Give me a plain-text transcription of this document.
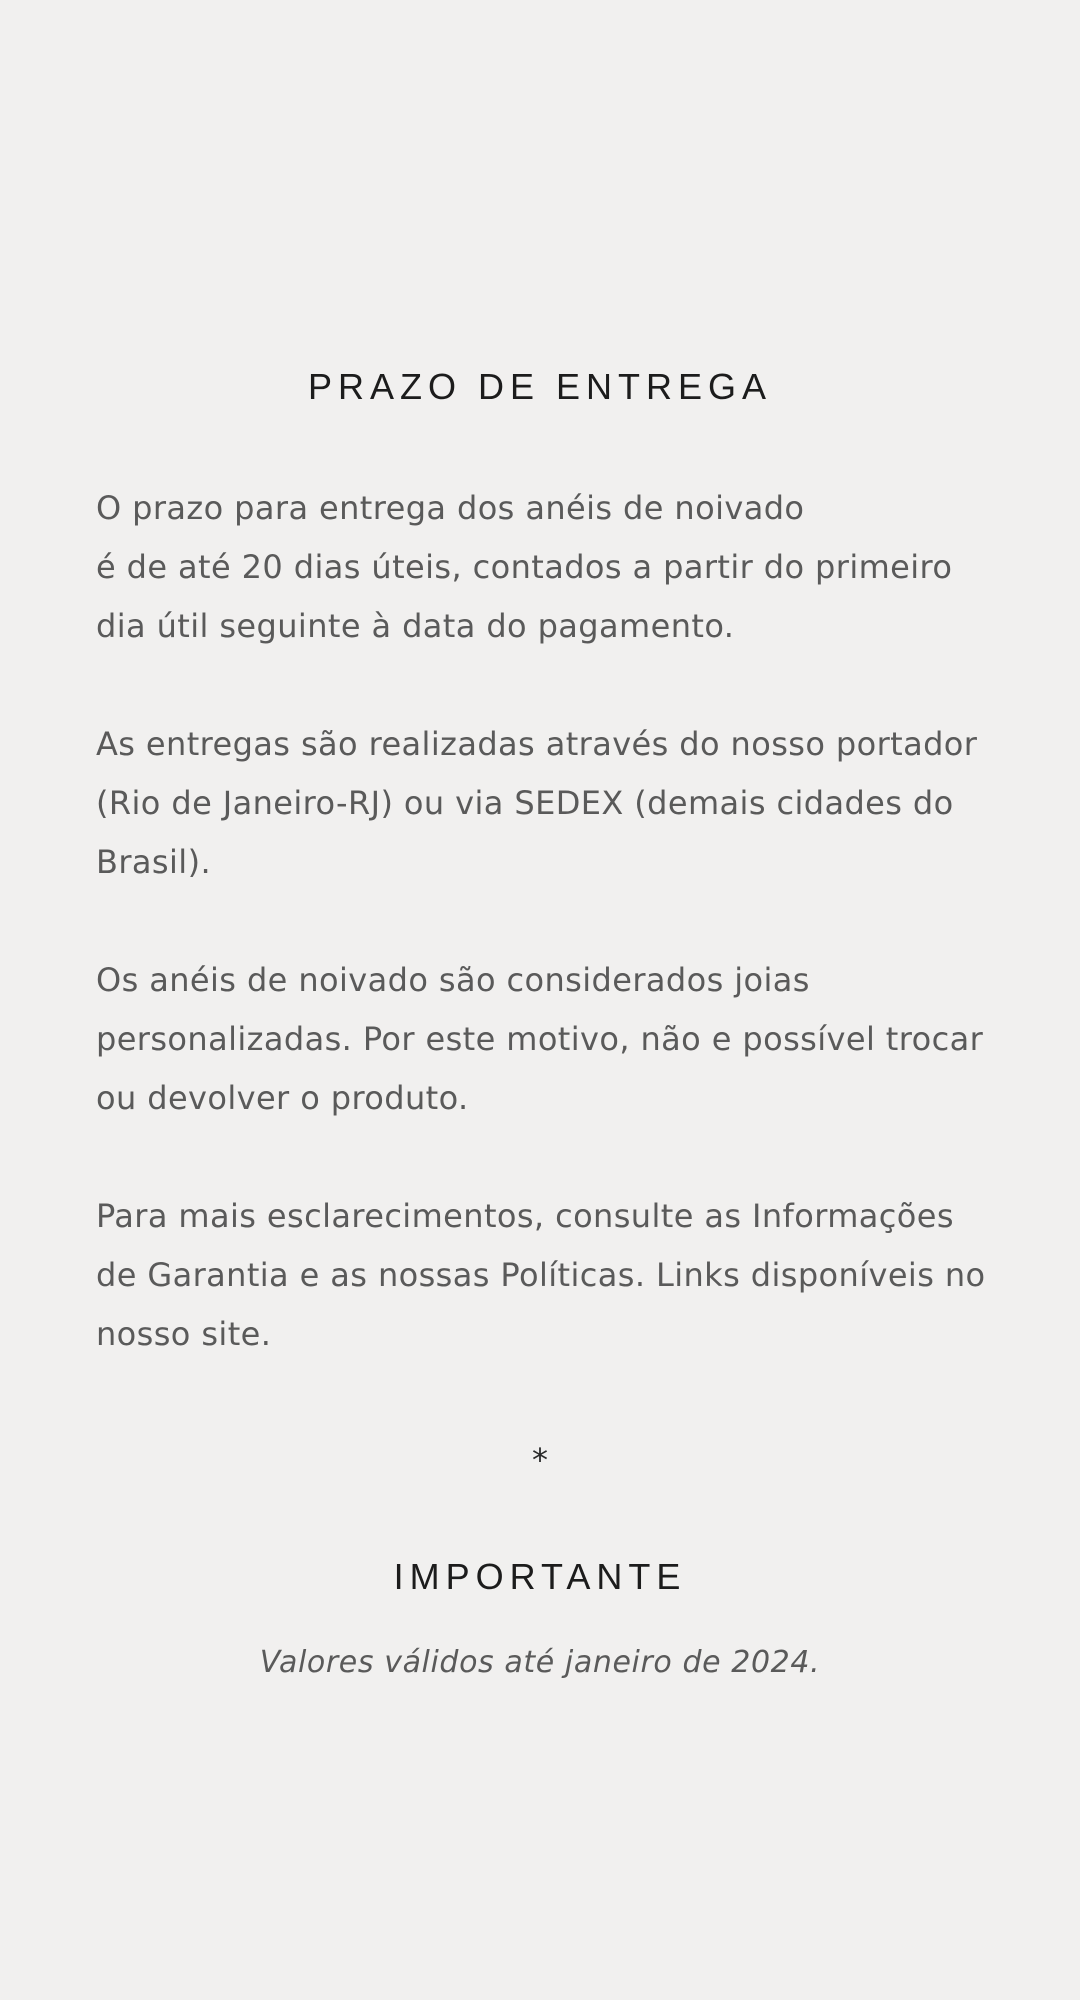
PRAZO DE ENTREGA

O prazo para entrega dos anéis de noivado
é de até 20 dias úteis, contados a partir do primeiro
dia útil seguinte à data do pagamento.

As entregas são realizadas através do nosso portador
(Rio de Janeiro-RJ) ou via SEDEX (demais cidades do
Brasil).

Os anéis de noivado são considerados joias
personalizadas. Por este motivo, não e possível trocar
ou devolver o produto.

Para mais esclarecimentos, consulte as Informações
de Garantia e as nossas Políticas. Links disponíveis no
nosso site.

*
IMPORTANTE

Valores válidos até janeiro de 2024.
